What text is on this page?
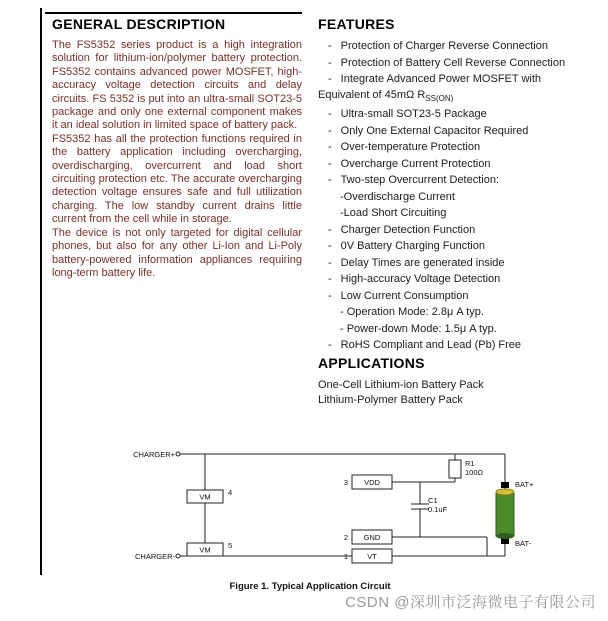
GENERAL DESCRIPTION

The FS5352 series product is a high integration solution for lithium-ion/polymer battery protection. FS5352 contains advanced power MOSFET, high-accuracy voltage detection circuits and delay circuits. FS 5352 is put into an ultra-small SOT23-5 package and only one external component makes it an ideal solution in limited space of battery pack.

FS5352 has all the protection functions required in the battery application including overcharging, overdischarging, overcurrent and load short circuiting protection etc. The accurate overcharging detection voltage ensures safe and full utilization charging. The low standby current drains little current from the cell while in storage.

The device is not only targeted for digital cellular phones, but also for any other Li-Ion and Li-Poly battery-powered information appliances requiring long-term battery life.

FEATURES
- Protection of Charger Reverse Connection
- Protection of Battery Cell Reverse Connection
- Integrate Advanced Power MOSFET with Equivalent of 45mΩ $R_{SS(ON)}$
- Ultra-small SOT23-5 Package
- Only One External Capacitor Required
- Over-temperature Protection
- Overcharge Current Protection
- Two-step Overcurrent Detection:
-Overdischarge Current
-Load Short Circuiting
- Charger Detection Function
- 0V Battery Charging Function
- Delay Times are generated inside
- High-accuracy Voltage Detection
- Low Current Consumption
- Operation Mode: 2.8μ A typ.
- Power-down Mode: 1.5μ A typ.
- RoHS Compliant and Lead (Pb) Free
APPLICATIONS
One-Cell Lithium-ion Battery Pack
Lithium-Polymer Battery Pack
CHARGER+
CHARGER-
VM 4
VM 5
3 VDD
2 GND
1	VT
R1
100Ω
C1
0.1uF
BAT+
BAT-
Figure 1. Typical Application Circuit
CSDN @深圳市泛海微电子有限公司
